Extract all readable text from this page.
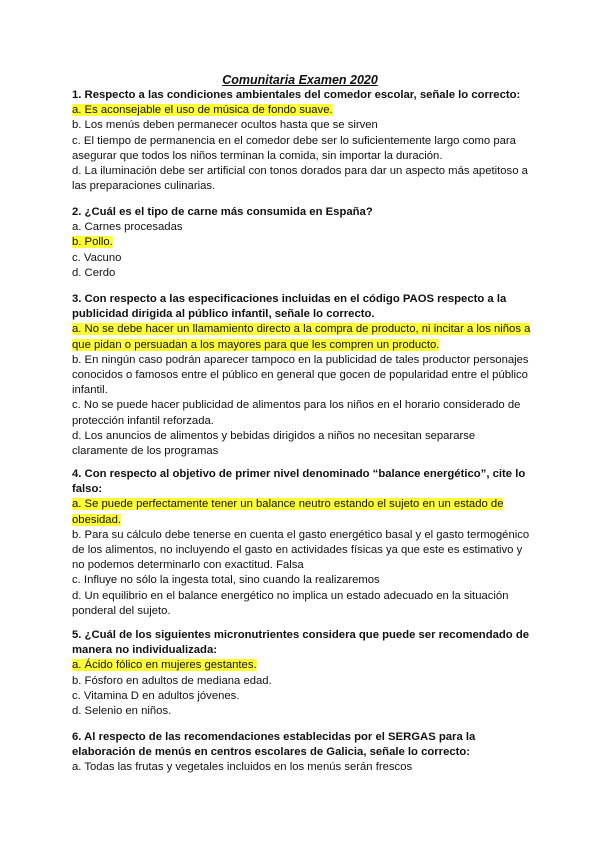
Comunitaria Examen 2020

1. Respecto a las condiciones ambientales del comedor escolar, señale lo correcto:

a. Es aconsejable el uso de música de fondo suave.

b. Los menús deben permanecer ocultos hasta que se sirven

c. El tiempo de permanencia en el comedor debe ser lo suficientemente largo como para asegurar que todos los niños terminan la comida, sin importar la duración.

d. La iluminación debe ser artificial con tonos dorados para dar un aspecto más apetitoso a las preparaciones culinarias.

2. ¿Cuál es el tipo de carne más consumida en España?

a. Carnes procesadas

b. Pollo.

c. Vacuno

d. Cerdo

3. Con respecto a las especificaciones incluidas en el código PAOS respecto a la publicidad dirigida al público infantil, señale lo correcto.

a. No se debe hacer un llamamiento directo a la compra de producto, ni incitar a los niños a que pidan o persuadan a los mayores para que les compren un producto.

b. En ningún caso podrán aparecer tampoco en la publicidad de tales productor personajes conocidos o famosos entre el público en general que gocen de popularidad entre el público infantil.

c. No se puede hacer publicidad de alimentos para los niños en el horario considerado de protección infantil reforzada.

d. Los anuncios de alimentos y bebidas dirigidos a niños no necesitan separarse claramente de los programas

4. Con respecto al objetivo de primer nivel denominado “balance energético”, cite lo falso:

a. Se puede perfectamente tener un balance neutro estando el sujeto en un estado de obesidad.

b. Para su cálculo debe tenerse en cuenta el gasto energético basal y el gasto termogénico de los alimentos, no incluyendo el gasto en actividades físicas ya que este es estimativo y no podemos determinarlo con exactitud. Falsa

c. Influye no sólo la ingesta total, sino cuando la realizaremos

d. Un equilibrio en el balance energético no implica un estado adecuado en la situación ponderal del sujeto.

5. ¿Cuál de los siguientes micronutrientes considera que puede ser recomendado de manera no individualizada:

a. Ácido fólico en mujeres gestantes.

b. Fósforo en adultos de mediana edad.

c. Vitamina D en adultos jóvenes.

d. Selenio en niños.

6. Al respecto de las recomendaciones establecidas por el SERGAS para la elaboración de menús en centros escolares de Galicia, señale lo correcto:

a. Todas las frutas y vegetales incluidos en los menús serán frescos
